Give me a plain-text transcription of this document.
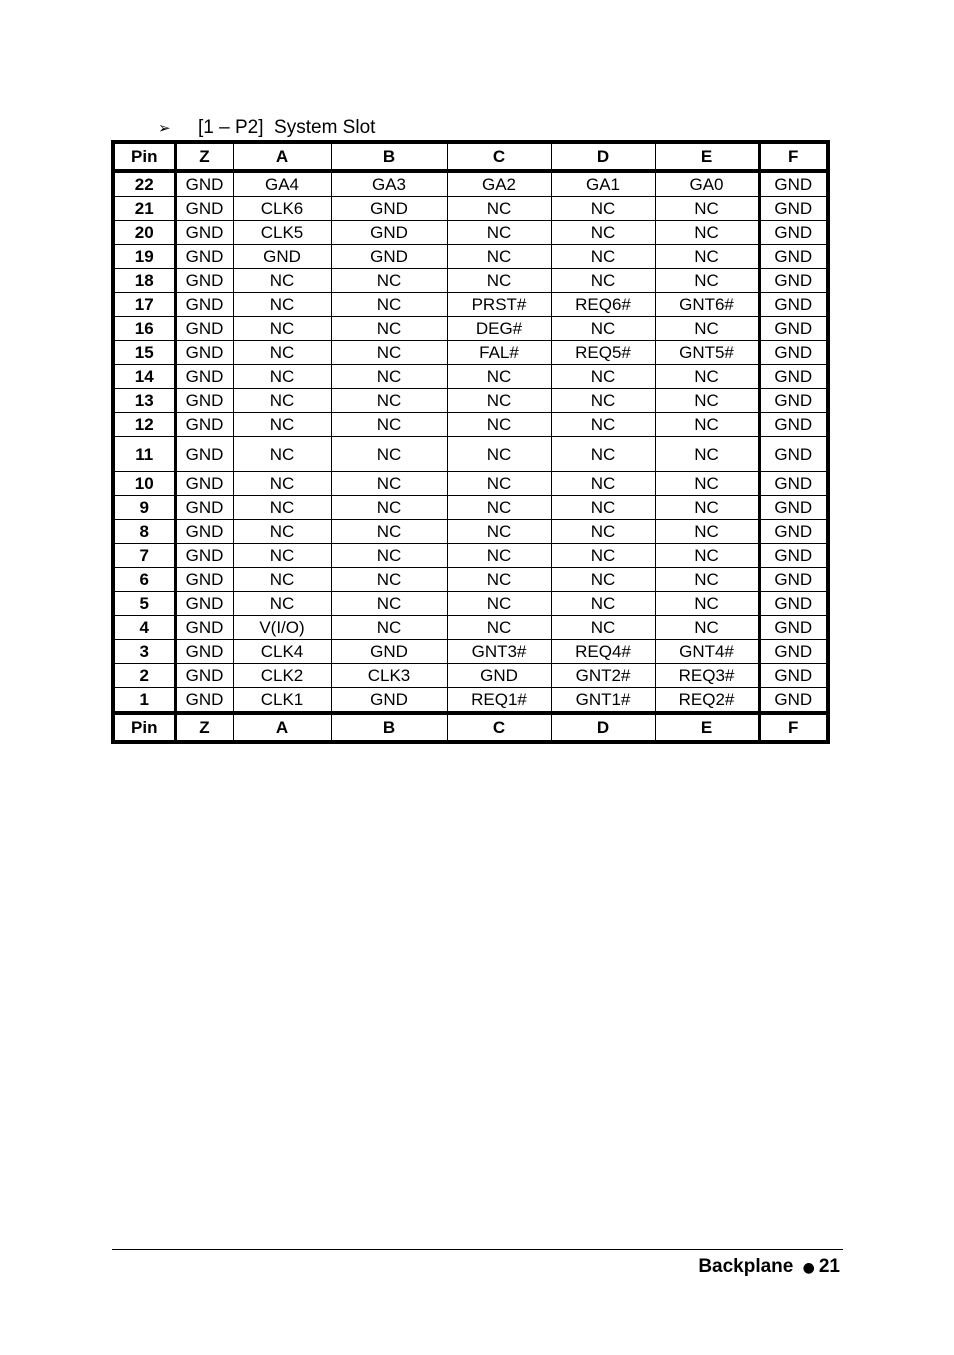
➢ [1 – P2]  System Slot
Pin	Z	A	B	C	D	E	F
22	GND	GA4	GA3	GA2	GA1	GA0	GND
21	GND	CLK6	GND	NC	NC	NC	GND
20	GND	CLK5	GND	NC	NC	NC	GND
19	GND	GND	GND	NC	NC	NC	GND
18	GND	NC	NC	NC	NC	NC	GND
17	GND	NC	NC	PRST#	REQ6#	GNT6#	GND
16	GND	NC	NC	DEG#	NC	NC	GND
15	GND	NC	NC	FAL#	REQ5#	GNT5#	GND
14	GND	NC	NC	NC	NC	NC	GND
13	GND	NC	NC	NC	NC	NC	GND
12	GND	NC	NC	NC	NC	NC	GND
11	GND	NC	NC	NC	NC	NC	GND
10	GND	NC	NC	NC	NC	NC	GND
9	GND	NC	NC	NC	NC	NC	GND
8	GND	NC	NC	NC	NC	NC	GND
7	GND	NC	NC	NC	NC	NC	GND
6	GND	NC	NC	NC	NC	NC	GND
5	GND	NC	NC	NC	NC	NC	GND
4	GND	V(I/O)	NC	NC	NC	NC	GND
3	GND	CLK4	GND	GNT3#	REQ4#	GNT4#	GND
2	GND	CLK2	CLK3	GND	GNT2#	REQ3#	GND
1	GND	CLK1	GND	REQ1#	GNT1#	REQ2#	GND
Pin	Z	A	B	C	D	E	F
Backplane ● 21
